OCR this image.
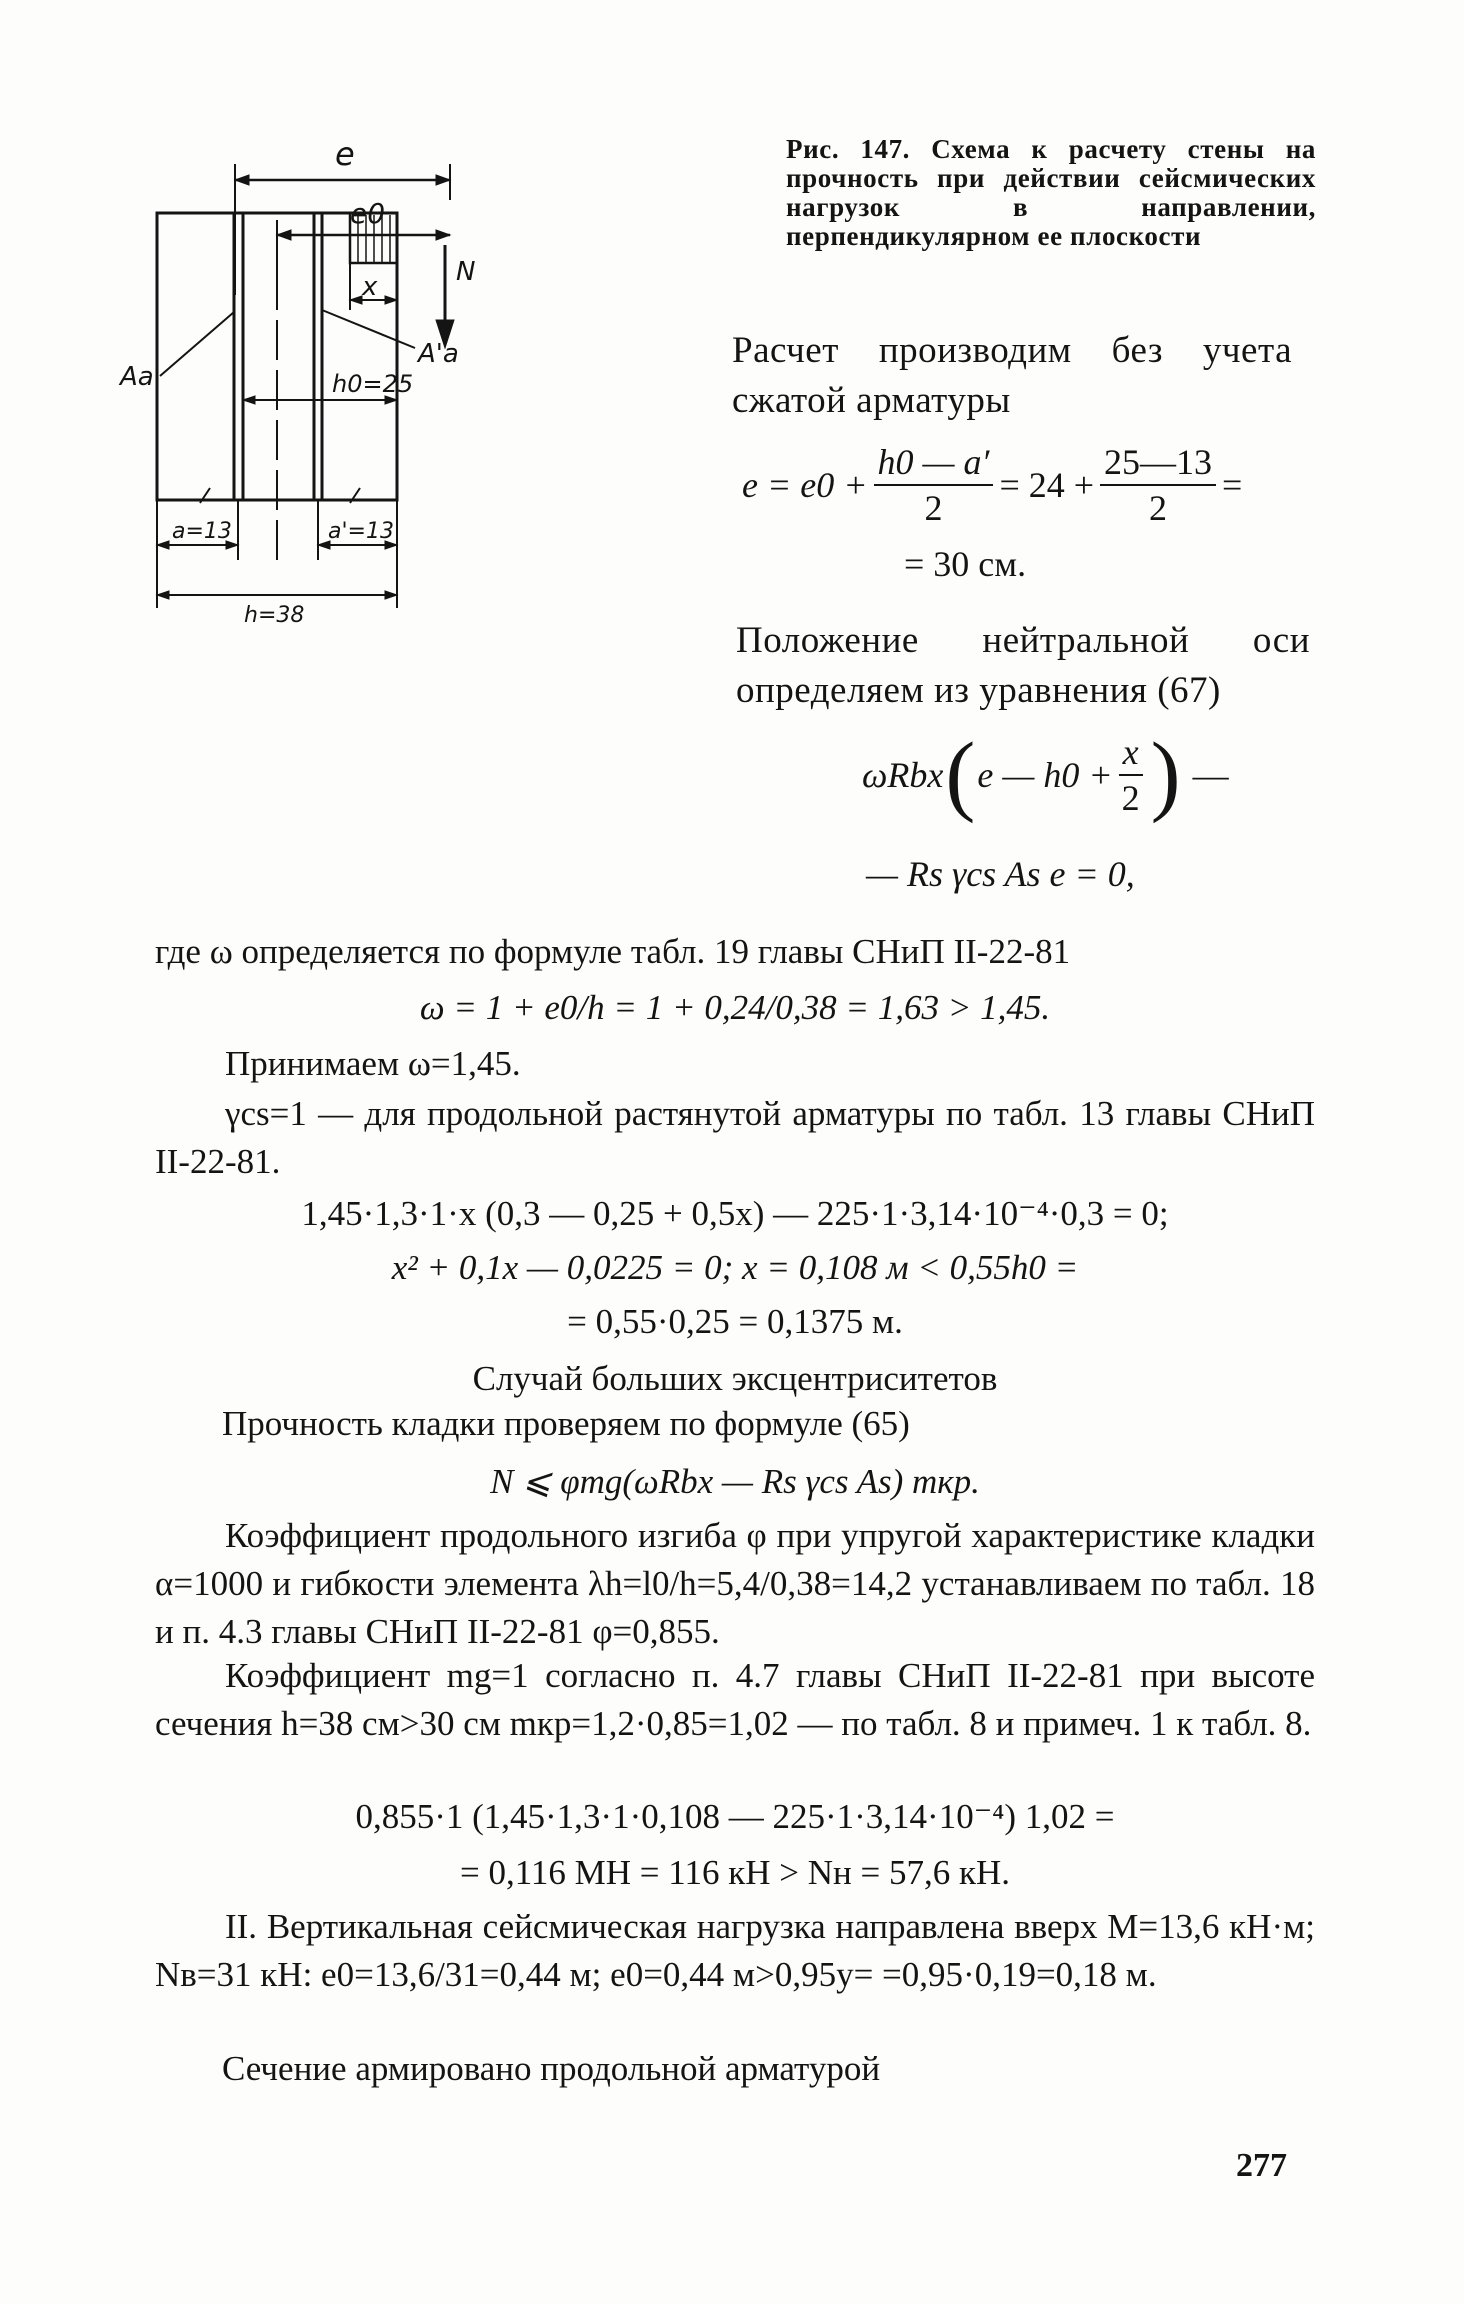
e
e0
N
x
Aa
A'a
h0=25
a=13	a'=13
h=38
Рис. 147. Схема к расчету стены на прочность при действии сейсмических нагрузок в направлении, перпендикулярном ее плоскости
Расчет производим без учета сжатой арматуры
$e = e0 + \frac{h0 — a'}{2} = 24 + \frac{25—13}{2}$ =
= 30 см.
Положение нейтральной оси определяем из уравнения (67)
ωRbx ( e — $h0 + \frac{x}{2}$ ) —
— Rs γcs As e = 0,
где ω определяется по формуле табл. 19 главы СНиП II-22-81
ω = 1 + e0/h = 1 + 0,24/0,38 = 1,63 > 1,45.
Принимаем ω=1,45.
γcs=1 — для продольной растянутой арматуры по табл. 13 главы СНиП II-22-81.
1,45·1,3·1·x (0,3 — 0,25 + 0,5x) — 225·1·3,14·10⁻⁴·0,3 = 0;
x² + 0,1x — 0,0225 = 0; x = 0,108 м < 0,55h0 =
= 0,55·0,25 = 0,1375 м.
Случай больших эксцентриситетов
Прочность кладки проверяем по формуле (65)
N ⩽ φmg(ωRbx — Rs γcs As) mкр.
Коэффициент продольного изгиба φ при упругой характеристике кладки α=1000 и гибкости элемента λh=l0/h=5,4/0,38=14,2 устанавливаем по табл. 18 и п. 4.3 главы СНиП II-22-81 φ=0,855.
Коэффициент mg=1 согласно п. 4.7 главы СНиП II-22-81 при высоте сечения h=38 см>30 см mкр=1,2·0,85=1,02 — по табл. 8 и примеч. 1 к табл. 8.
0,855·1 (1,45·1,3·1·0,108 — 225·1·3,14·10⁻⁴) 1,02 =
= 0,116 МН = 116 кН > Nн = 57,6 кН.
II. Вертикальная сейсмическая нагрузка направлена вверх M=13,6 кН·м; Nв=31 кН: e0=13,6/31=0,44 м; e0=0,44 м>0,95y= =0,95·0,19=0,18 м.
Сечение армировано продольной арматурой
277
